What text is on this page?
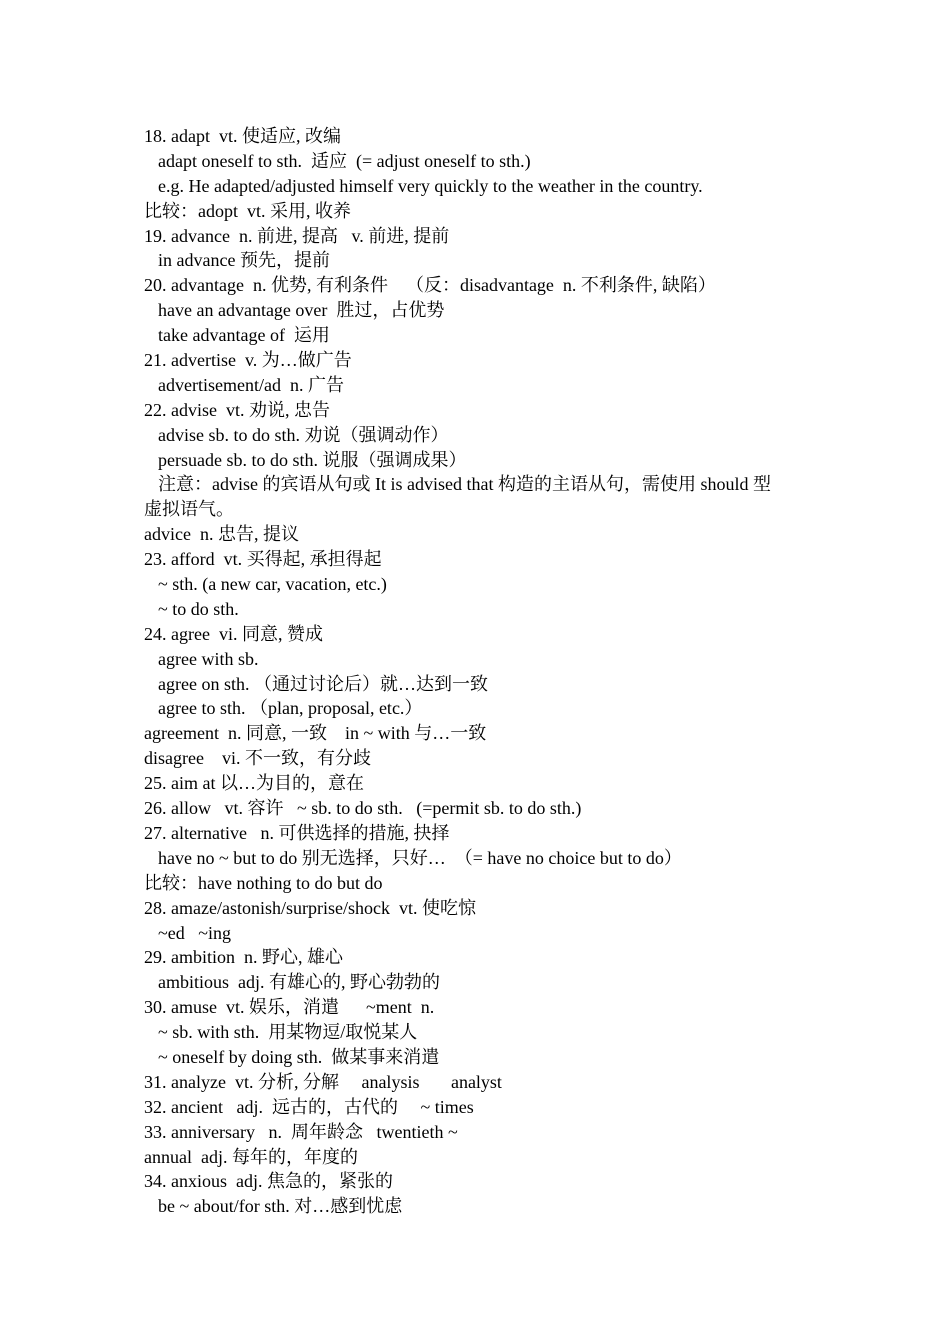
18. adapt  vt. 使适应, 改编
adapt oneself to sth.  适应  (= adjust oneself to sth.)
e.g. He adapted/adjusted himself very quickly to the weather in the country.
比较：adopt  vt. 采用, 收养
19. advance  n. 前进, 提高   v. 前进, 提前
in advance 预先，提前
20. advantage  n. 优势, 有利条件    （反：disadvantage  n. 不利条件, 缺陷）
have an advantage over  胜过，占优势
take advantage of  运用
21. advertise  v. 为…做广告
advertisement/ad  n. 广告
22. advise  vt. 劝说, 忠告
advise sb. to do sth. 劝说（强调动作）
persuade sb. to do sth. 说服（强调成果）
注意：advise 的宾语从句或 It is advised that 构造的主语从句，需使用 should 型
虚拟语气。
advice  n. 忠告, 提议
23. afford  vt. 买得起, 承担得起
~ sth. (a new car, vacation, etc.)
~ to do sth.
24. agree  vi. 同意, 赞成
agree with sb.
agree on sth. （通过讨论后）就…达到一致
agree to sth. （plan, proposal, etc.）
agreement  n. 同意, 一致    in ~ with 与…一致
disagree    vi. 不一致，有分歧
25. aim at 以…为目的，意在
26. allow   vt. 容许   ~ sb. to do sth.   (=permit sb. to do sth.)
27. alternative   n. 可供选择的措施, 抉择
have no ~ but to do 别无选择，只好…  （= have no choice but to do）
比较：have nothing to do but do
28. amaze/astonish/surprise/shock  vt. 使吃惊
~ed   ~ing
29. ambition  n. 野心, 雄心
ambitious  adj. 有雄心的, 野心勃勃的
30. amuse  vt. 娱乐，消遣      ~ment  n.
~ sb. with sth.  用某物逗/取悦某人
~ oneself by doing sth.  做某事来消遣
31. analyze  vt. 分析, 分解     analysis       analyst
32. ancient   adj.  远古的，古代的     ~ times
33. anniversary   n.  周年龄念   twentieth ~
annual  adj. 每年的，年度的
34. anxious  adj. 焦急的，紧张的
be ~ about/for sth. 对…感到忧虑
